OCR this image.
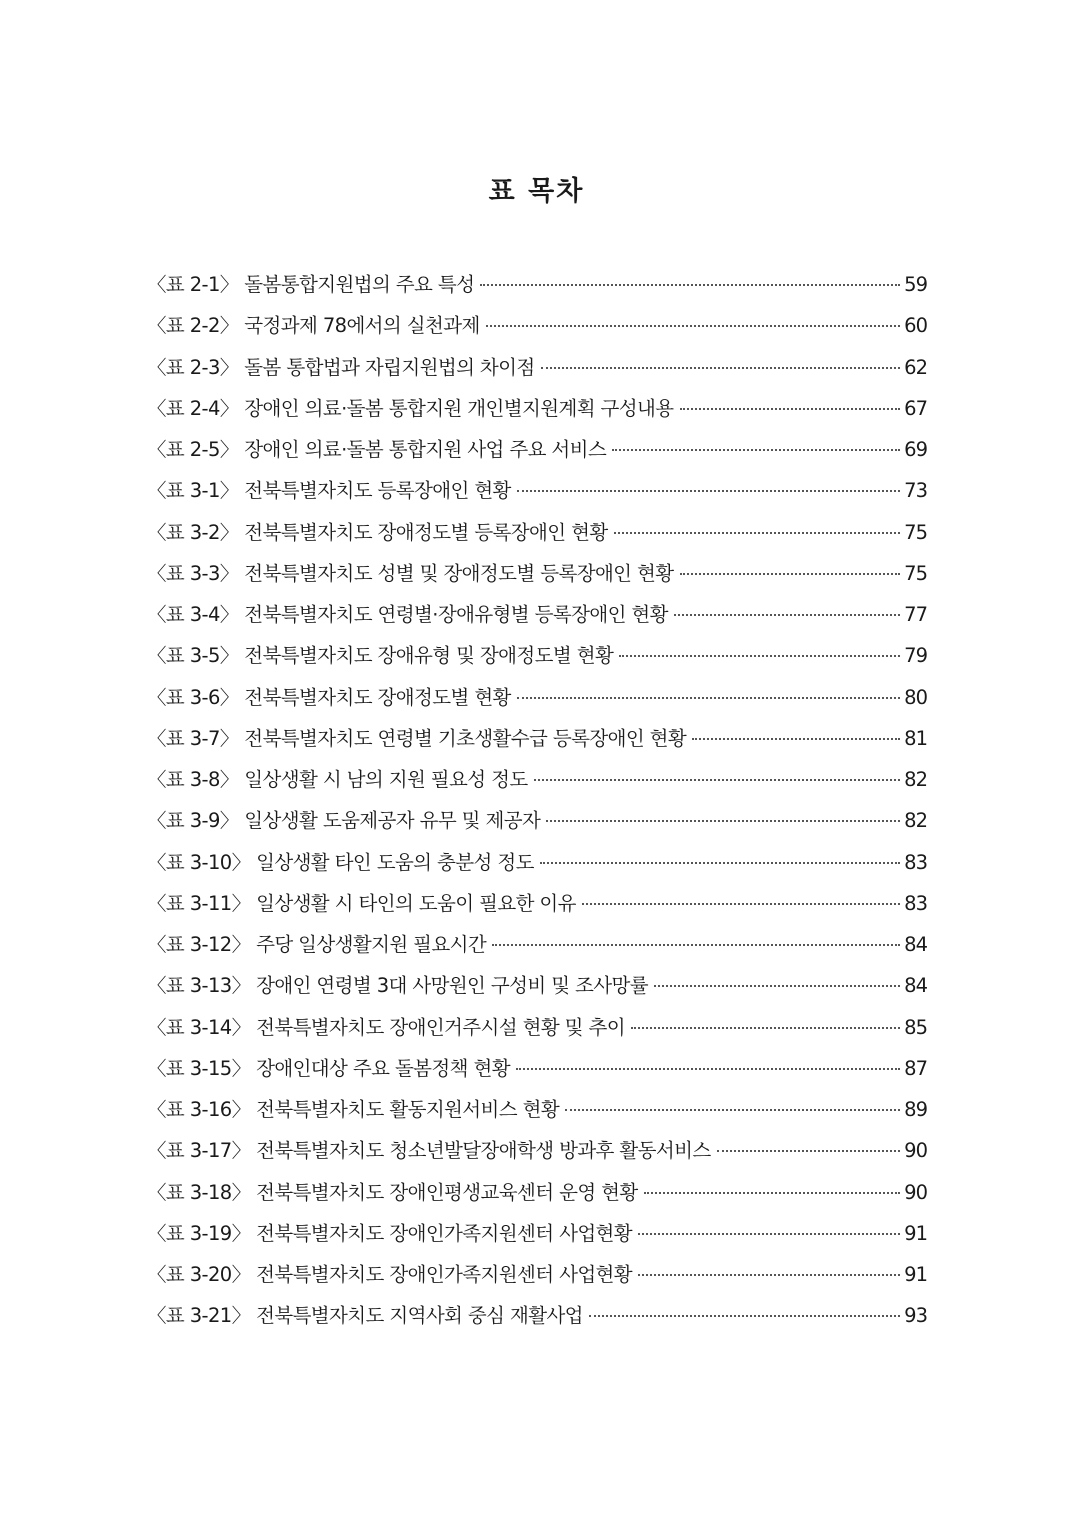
표 목차
〈표 2-1〉 돌봄통합지원법의 주요 특성	59
〈표 2-2〉 국정과제 78에서의 실천과제	60
〈표 2-3〉 돌봄 통합법과 자립지원법의 차이점	62
〈표 2-4〉 장애인 의료·돌봄 통합지원 개인별지원계획 구성내용	67
〈표 2-5〉 장애인 의료·돌봄 통합지원 사업 주요 서비스	69
〈표 3-1〉 전북특별자치도 등록장애인 현황	73
〈표 3-2〉 전북특별자치도 장애정도별 등록장애인 현황	75
〈표 3-3〉 전북특별자치도 성별 및 장애정도별 등록장애인 현황	75
〈표 3-4〉 전북특별자치도 연령별·장애유형별 등록장애인 현황	77
〈표 3-5〉 전북특별자치도 장애유형 및 장애정도별 현황	79
〈표 3-6〉 전북특별자치도 장애정도별 현황	80
〈표 3-7〉 전북특별자치도 연령별 기초생활수급 등록장애인 현황	81
〈표 3-8〉 일상생활 시 남의 지원 필요성 정도	82
〈표 3-9〉 일상생활 도움제공자 유무 및 제공자	82
〈표 3-10〉 일상생활 타인 도움의 충분성 정도	83
〈표 3-11〉 일상생활 시 타인의 도움이 필요한 이유	83
〈표 3-12〉 주당 일상생활지원 필요시간	84
〈표 3-13〉 장애인 연령별 3대 사망원인 구성비 및 조사망률	84
〈표 3-14〉 전북특별자치도 장애인거주시설 현황 및 추이	85
〈표 3-15〉 장애인대상 주요 돌봄정책 현황	87
〈표 3-16〉 전북특별자치도 활동지원서비스 현황	89
〈표 3-17〉 전북특별자치도 청소년발달장애학생 방과후 활동서비스	90
〈표 3-18〉 전북특별자치도 장애인평생교육센터 운영 현황	90
〈표 3-19〉 전북특별자치도 장애인가족지원센터 사업현황	91
〈표 3-20〉 전북특별자치도 장애인가족지원센터 사업현황	91
〈표 3-21〉 전북특별자치도 지역사회 중심 재활사업	93
